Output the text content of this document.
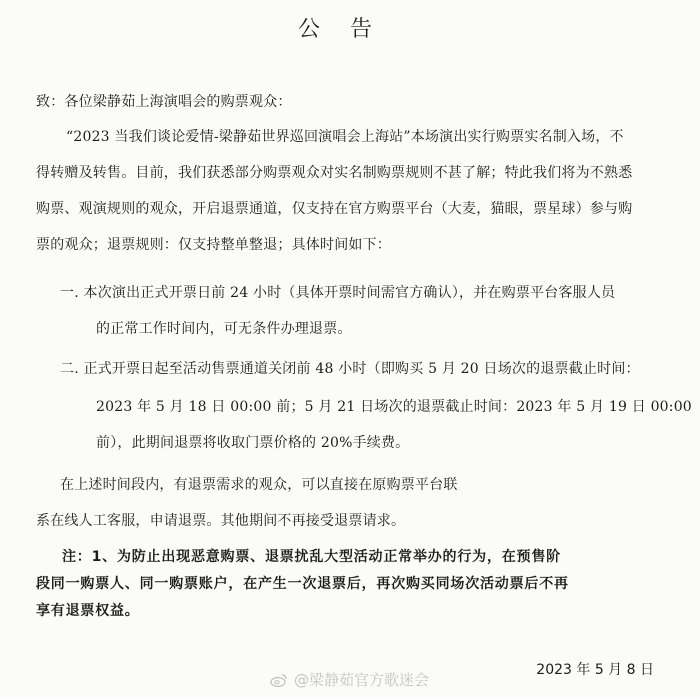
公告
致：各位梁静茹上海演唱会的购票观众：
“2023 当我们谈论爱情-梁静茹世界巡回演唱会上海站”本场演出实行购票实名制入场，不
得转赠及转售。目前，我们获悉部分购票观众对实名制购票规则不甚了解；特此我们将为不熟悉
购票、观演规则的观众，开启退票通道，仅支持在官方购票平台（大麦，猫眼，票星球）参与购
票的观众；退票规则：仅支持整单整退；具体时间如下：
一. 本次演出正式开票日前 24 小时（具体开票时间需官方确认），并在购票平台客服人员
的正常工作时间内，可无条件办理退票。
二. 正式开票日起至活动售票通道关闭前 48 小时（即购买 5 月 20 日场次的退票截止时间：
2023 年 5 月 18 日 00:00 前；5 月 21 日场次的退票截止时间：2023 年 5 月 19 日 00:00
前），此期间退票将收取门票价格的 20%手续费。
在上述时间段内，有退票需求的观众，可以直接在原购票平台联
系在线人工客服，申请退票。其他期间不再接受退票请求。
注：1、为防止出现恶意购票、退票扰乱大型活动正常举办的行为，在预售阶
段同一购票人、同一购票账户，在产生一次退票后，再次购买同场次活动票后不再
享有退票权益。
2023 年 5 月 8 日
@梁静茹官方歌迷会
